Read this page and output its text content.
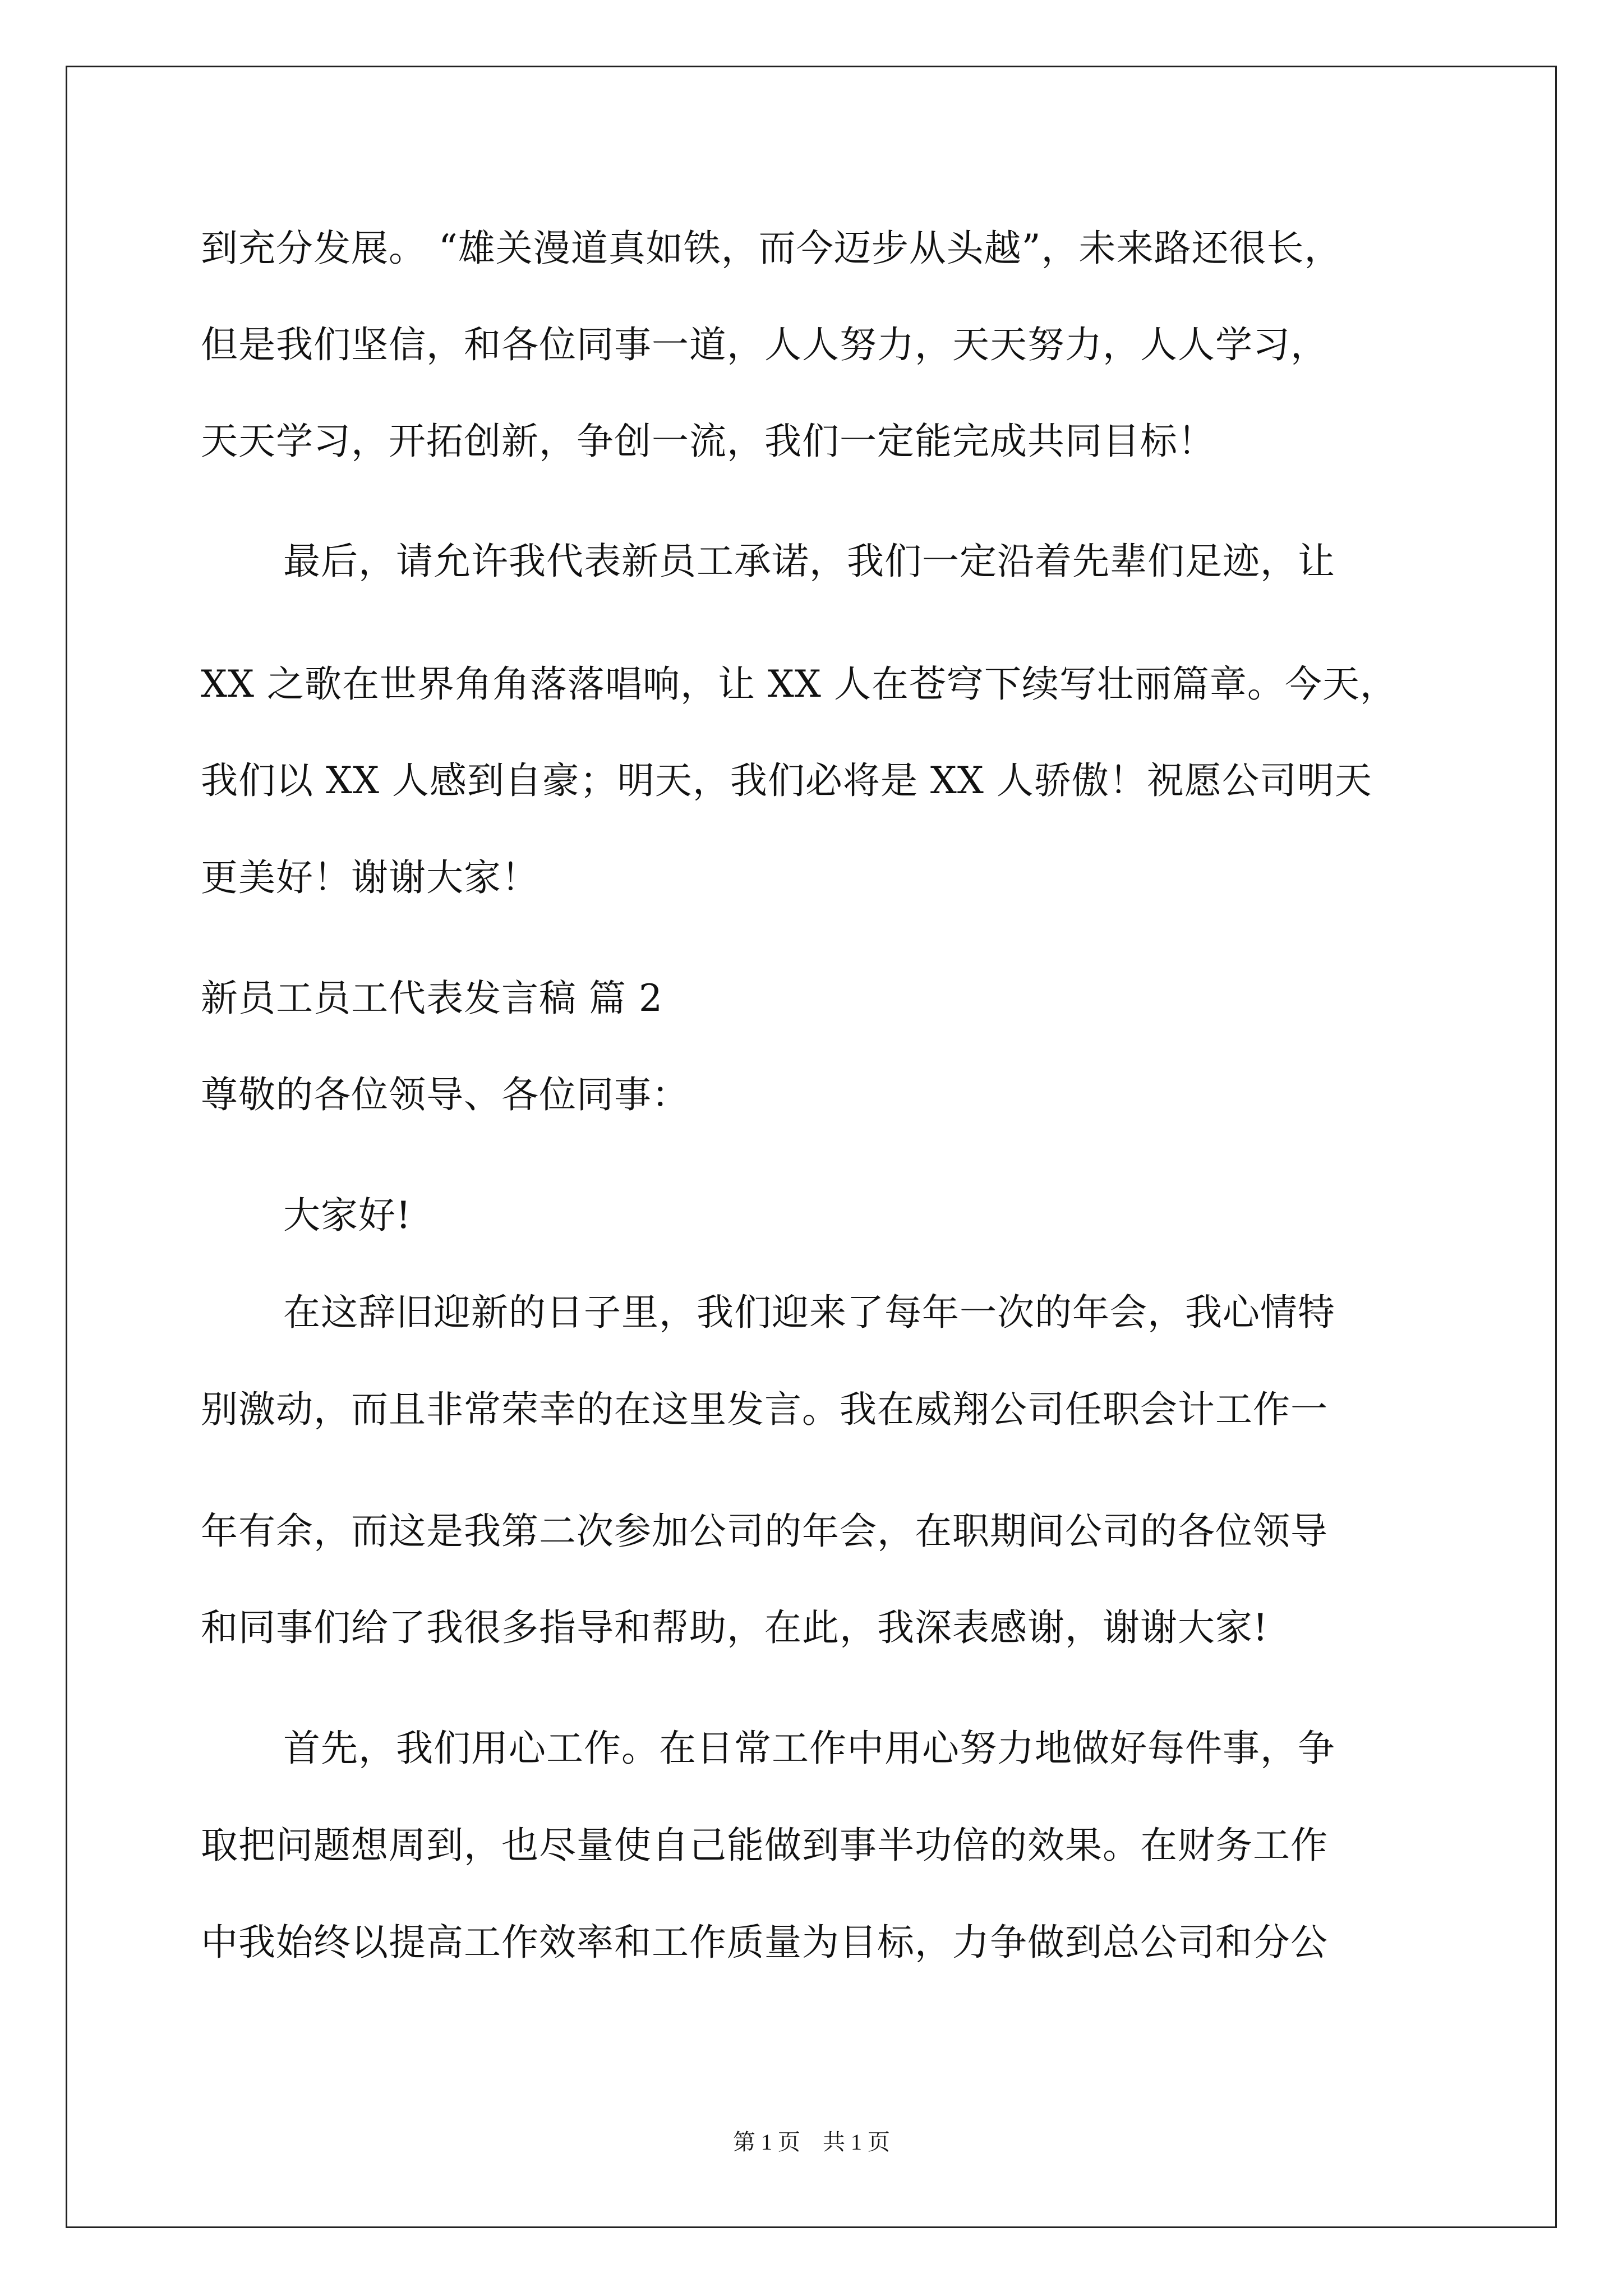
到充分发展。 “雄关漫道真如铁，而今迈步从头越”，未来路还很长，
但是我们坚信，和各位同事一道，人人努力，天天努力，人人学习，
天天学习，开拓创新，争创一流，我们一定能完成共同目标！
最后，请允许我代表新员工承诺，我们一定沿着先辈们足迹，让
XX 之歌在世界角角落落唱响，让 XX 人在苍穹下续写壮丽篇章。今天，
我们以 XX 人感到自豪；明天，我们必将是 XX 人骄傲！祝愿公司明天
更美好！谢谢大家！
新员工员工代表发言稿 篇 2
尊敬的各位领导、各位同事：
大家好!
在这辞旧迎新的日子里，我们迎来了每年一次的年会，我心情特
别激动，而且非常荣幸的在这里发言。我在威翔公司任职会计工作一
年有余，而这是我第二次参加公司的年会，在职期间公司的各位领导
和同事们给了我很多指导和帮助，在此，我深表感谢，谢谢大家!
首先，我们用心工作。在日常工作中用心努力地做好每件事，争
取把问题想周到，也尽量使自己能做到事半功倍的效果。在财务工作
中我始终以提高工作效率和工作质量为目标，力争做到总公司和分公
第 1 页　共 1 页
